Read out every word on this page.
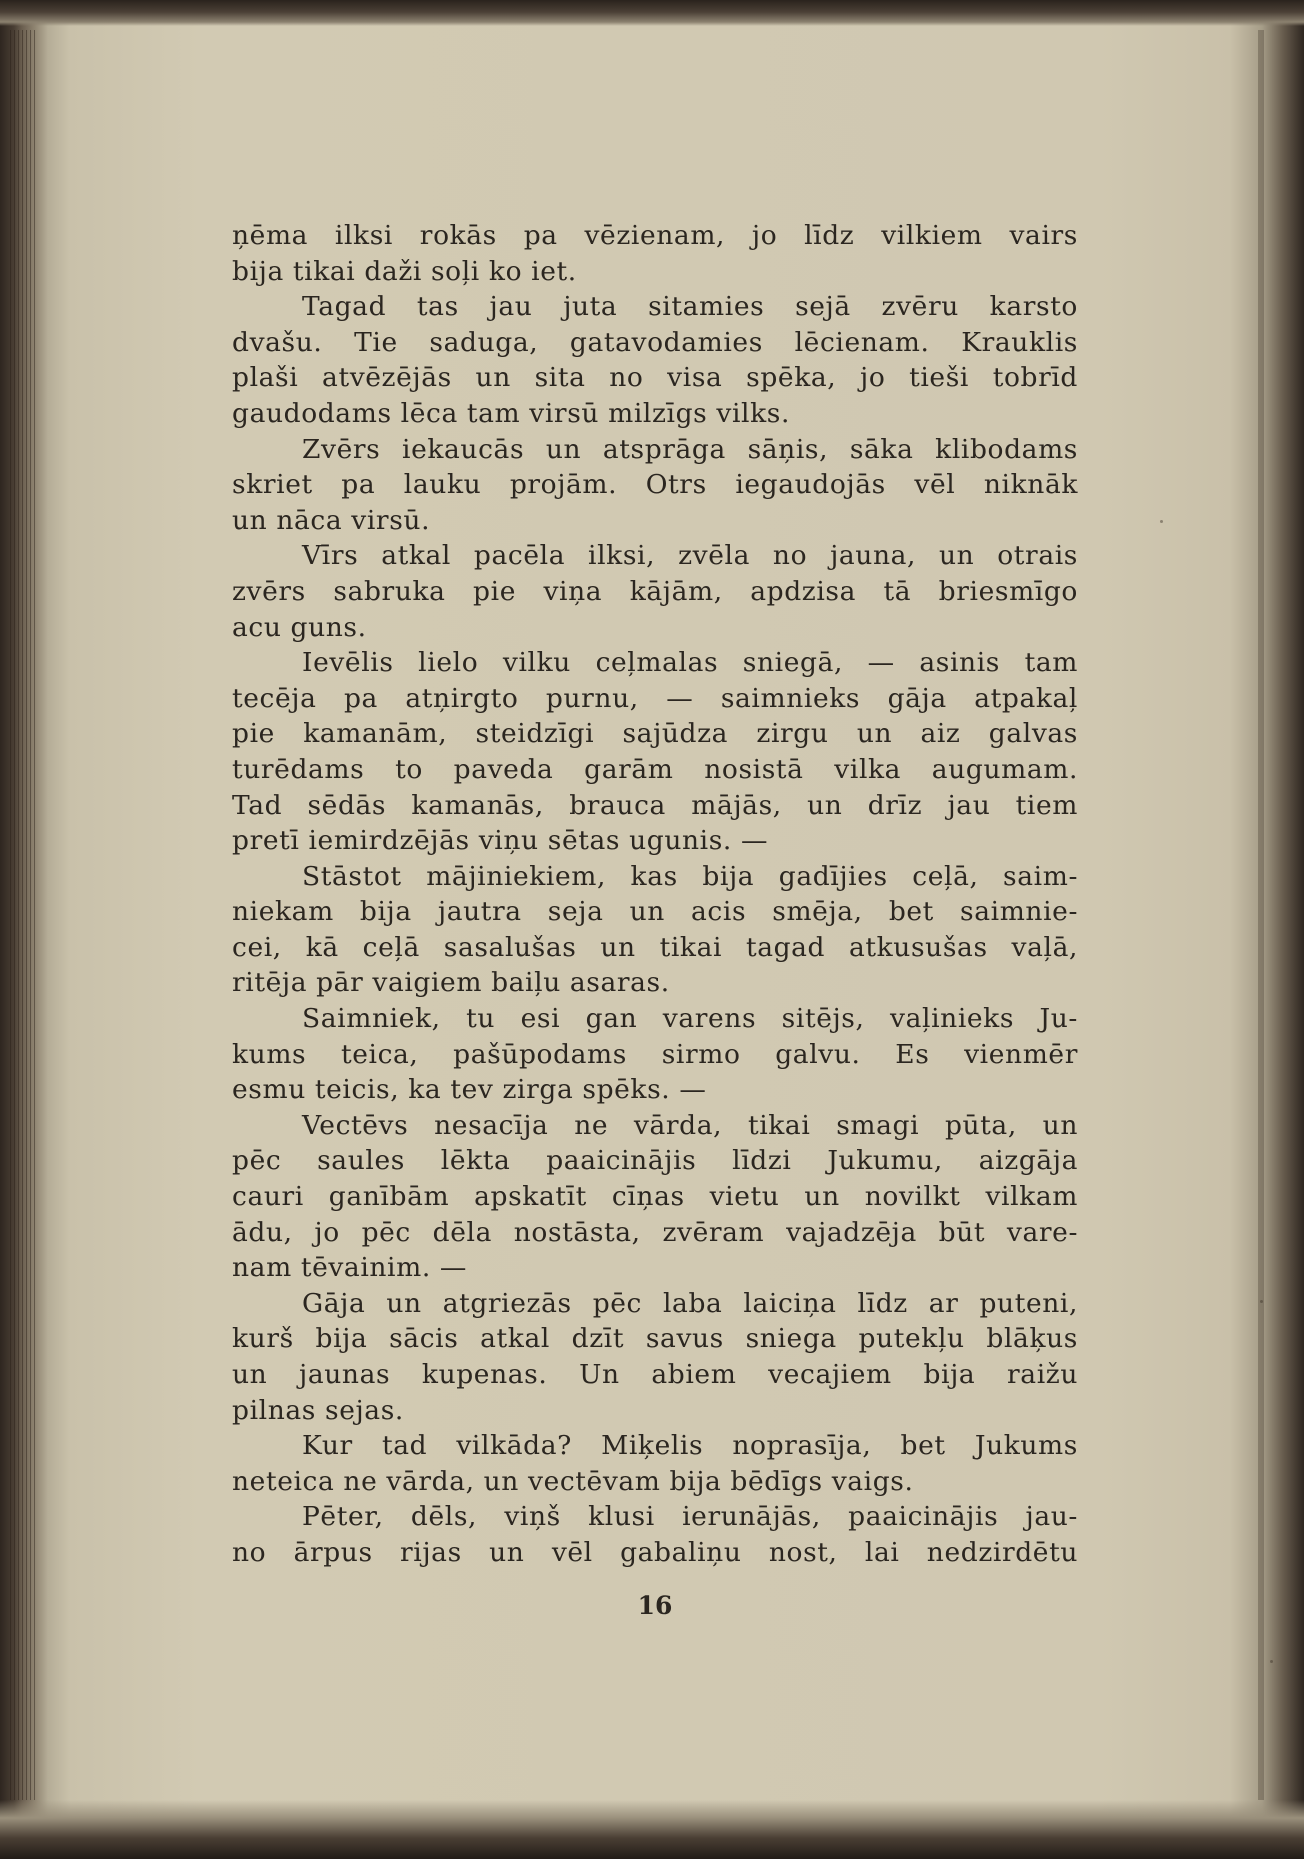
ņēma ilksi rokās pa vēzienam, jo līdz vilkiem vairs
bija tikai daži soļi ko iet.
Tagad tas jau juta sitamies sejā zvēru karsto
dvašu. Tie saduga, gatavodamies lēcienam. Krauklis
plaši atvēzējās un sita no visa spēka, jo tieši tobrīd
gaudodams lēca tam virsū milzīgs vilks.
Zvērs iekaucās un atsprāga sāņis, sāka klibodams
skriet pa lauku projām. Otrs iegaudojās vēl niknāk
un nāca virsū.
Vīrs atkal pacēla ilksi, zvēla no jauna, un otrais
zvērs sabruka pie viņa kājām, apdzisa tā briesmīgo
acu guns.
Ievēlis lielo vilku ceļmalas sniegā, — asinis tam
tecēja pa atņirgto purnu, — saimnieks gāja atpakaļ
pie kamanām, steidzīgi sajūdza zirgu un aiz galvas
turēdams to paveda garām nosistā vilka augumam.
Tad sēdās kamanās, brauca mājās, un drīz jau tiem
pretī iemirdzējās viņu sētas ugunis. —
Stāstot mājiniekiem, kas bija gadījies ceļā, saim-
niekam bija jautra seja un acis smēja, bet saimnie-
cei, kā ceļā sasalušas un tikai tagad atkusušas vaļā,
ritēja pār vaigiem baiļu asaras.
Saimniek, tu esi gan varens sitējs, vaļinieks Ju-
kums teica, pašūpodams sirmo galvu. Es vienmēr
esmu teicis, ka tev zirga spēks. —
Vectēvs nesacīja ne vārda, tikai smagi pūta, un
pēc saules lēkta paaicinājis līdzi Jukumu, aizgāja
cauri ganībām apskatīt cīņas vietu un novilkt vilkam
ādu, jo pēc dēla nostāsta, zvēram vajadzēja būt vare-
nam tēvainim. —
Gāja un atgriezās pēc laba laiciņa līdz ar puteni,
kurš bija sācis atkal dzīt savus sniega putekļu blāķus
un jaunas kupenas. Un abiem vecajiem bija raižu
pilnas sejas.
Kur tad vilkāda? Miķelis noprasīja, bet Jukums
neteica ne vārda, un vectēvam bija bēdīgs vaigs.
Pēter, dēls, viņš klusi ierunājās, paaicinājis jau-
no ārpus rijas un vēl gabaliņu nost, lai nedzirdētu
16
